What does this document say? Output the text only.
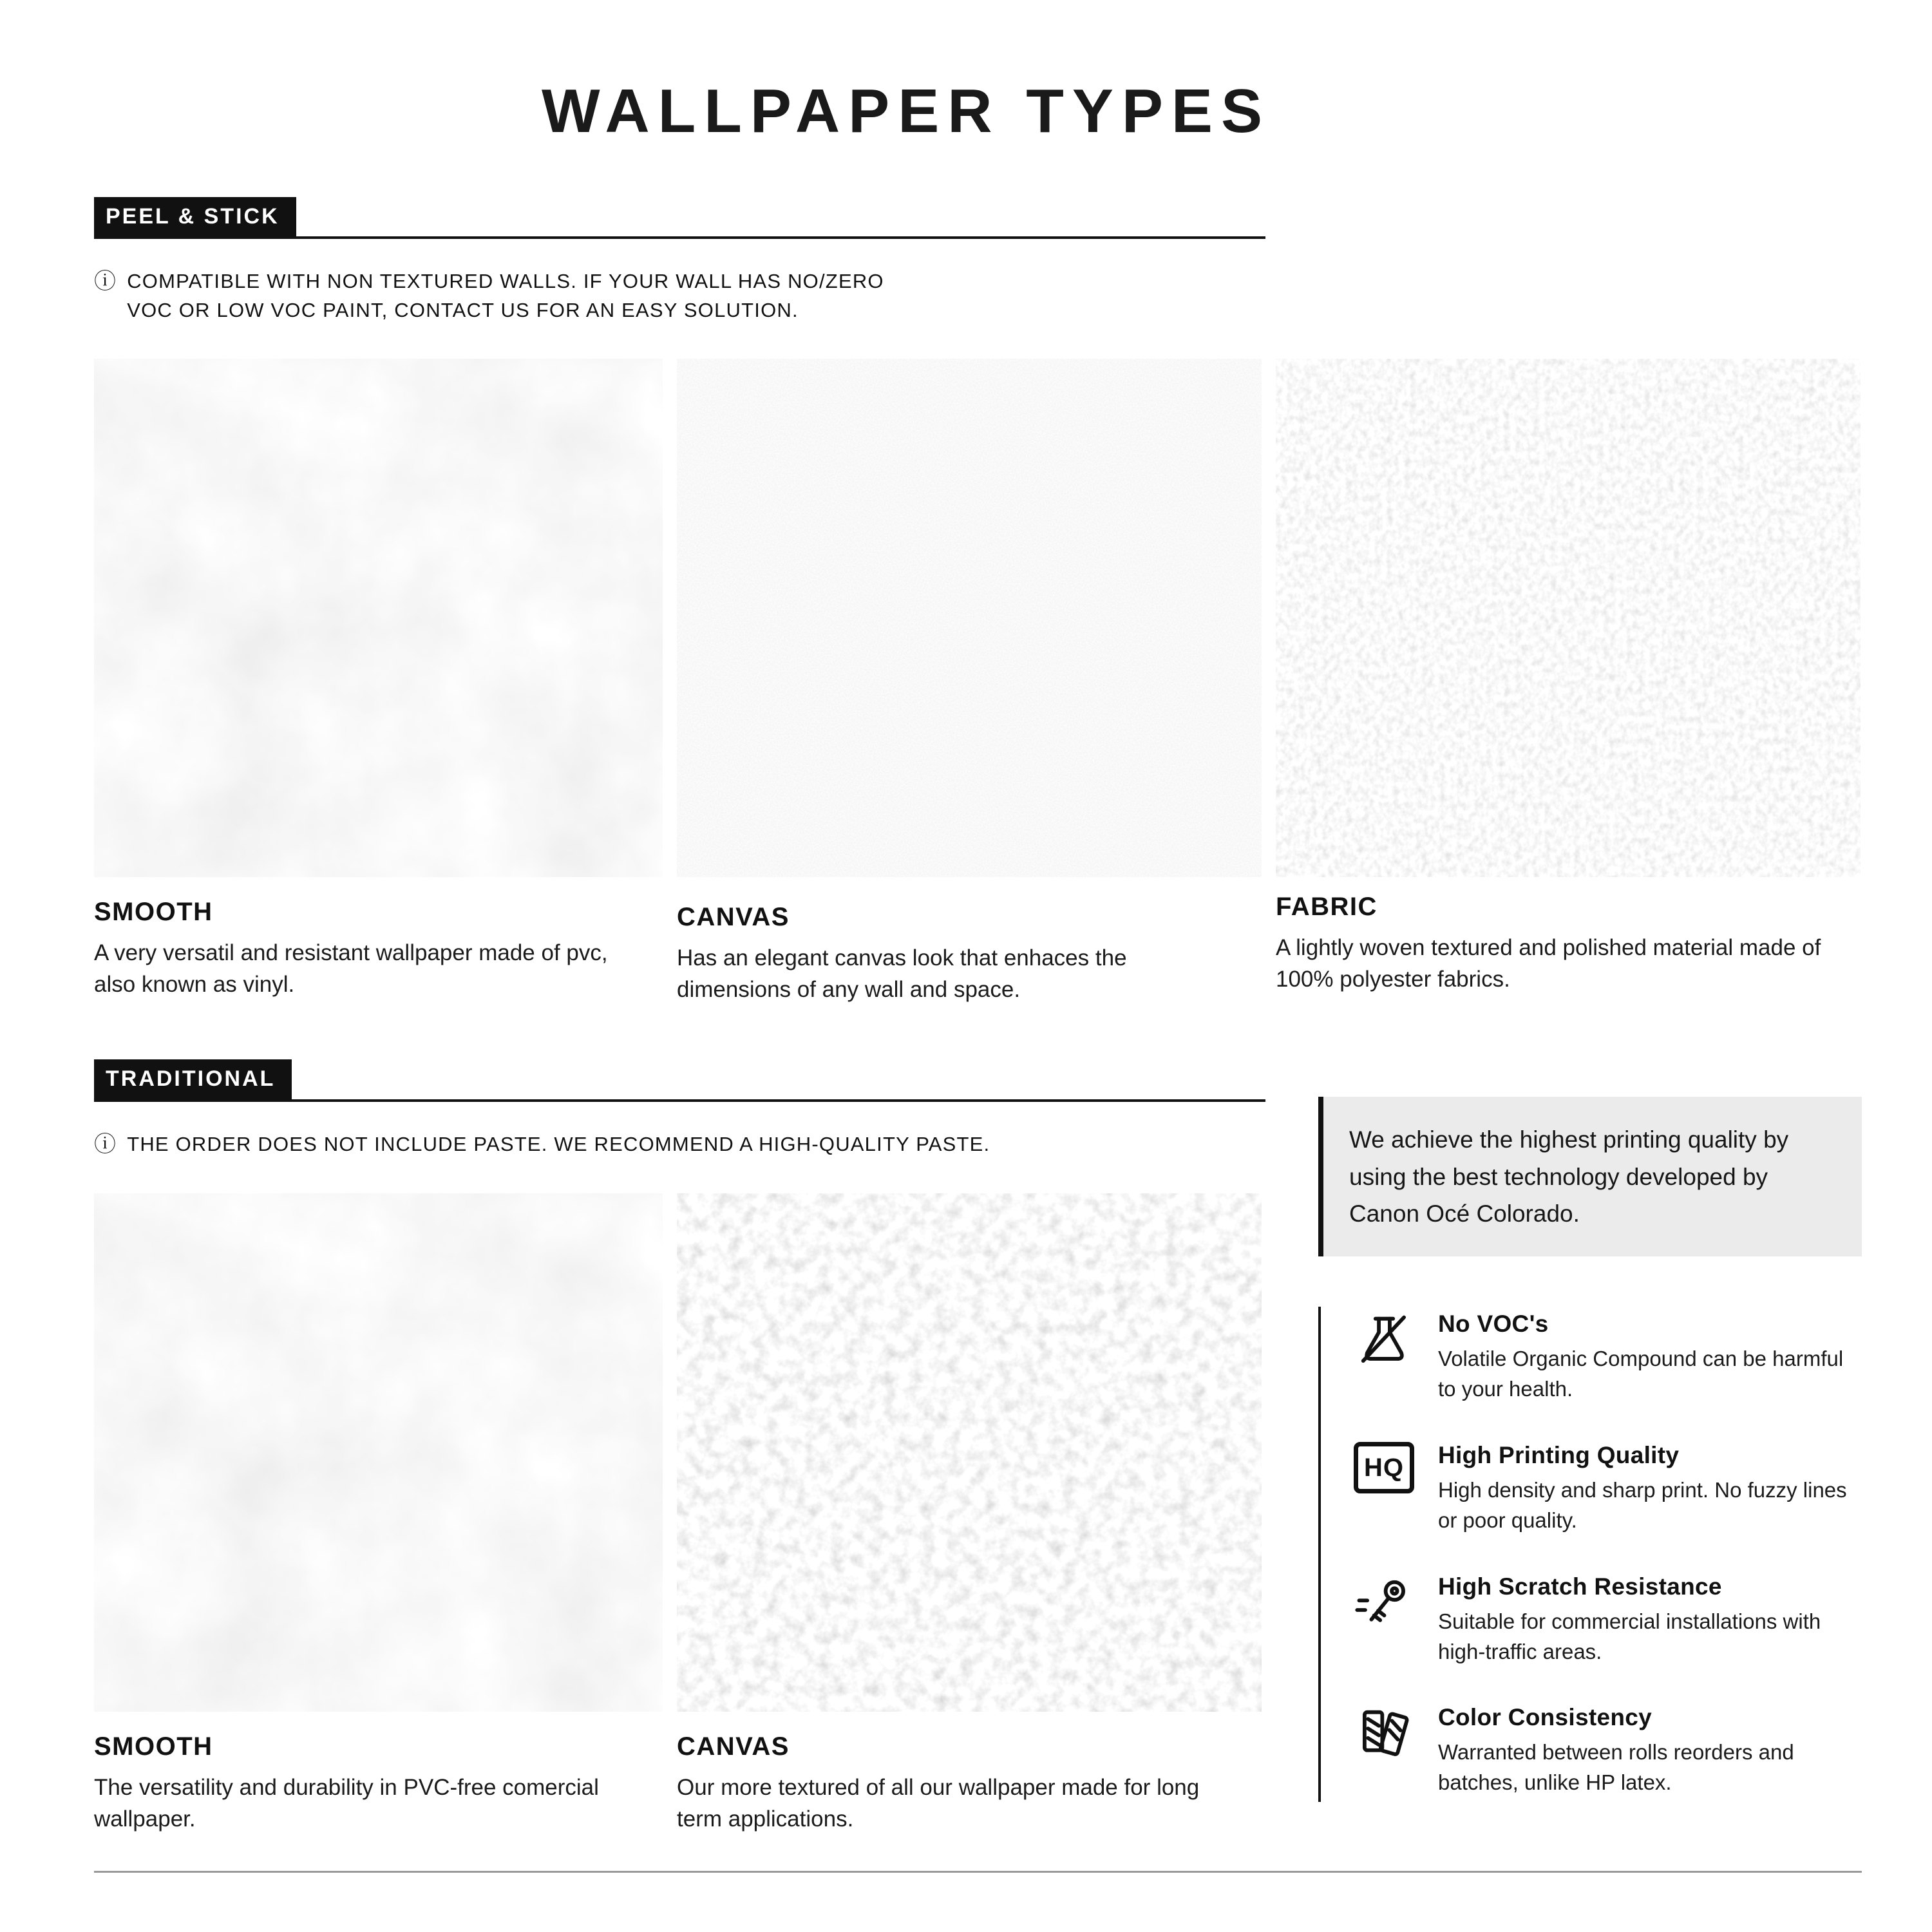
WALLPAPER TYPES
PEEL & STICK
ⓘ COMPATIBLE WITH NON TEXTURED WALLS. IF YOUR WALL HAS NO/ZERO
VOC OR LOW VOC PAINT, CONTACT US FOR AN EASY SOLUTION.
SMOOTH
A very versatil and resistant wallpaper made of pvc, also known as vinyl.
CANVAS
Has an elegant canvas look that enhaces the dimensions of any wall and space.
FABRIC
A lightly woven textured and polished material made of 100% polyester fabrics.
TRADITIONAL
ⓘ THE ORDER DOES NOT INCLUDE PASTE. WE RECOMMEND A HIGH-QUALITY PASTE.
SMOOTH
The versatility and durability in PVC-free comercial wallpaper.
CANVAS
Our more textured of all our wallpaper made for long term applications.
We achieve the highest printing quality by using the best technology developed by Canon Océ Colorado.
No VOC's
Volatile Organic Compound can be harmful to your health.
HQ	High Printing Quality
High density and sharp print. No fuzzy lines or poor quality.
High Scratch Resistance
Suitable for commercial installations with high-traffic areas.
Color Consistency
Warranted between rolls reorders and batches, unlike HP latex.
